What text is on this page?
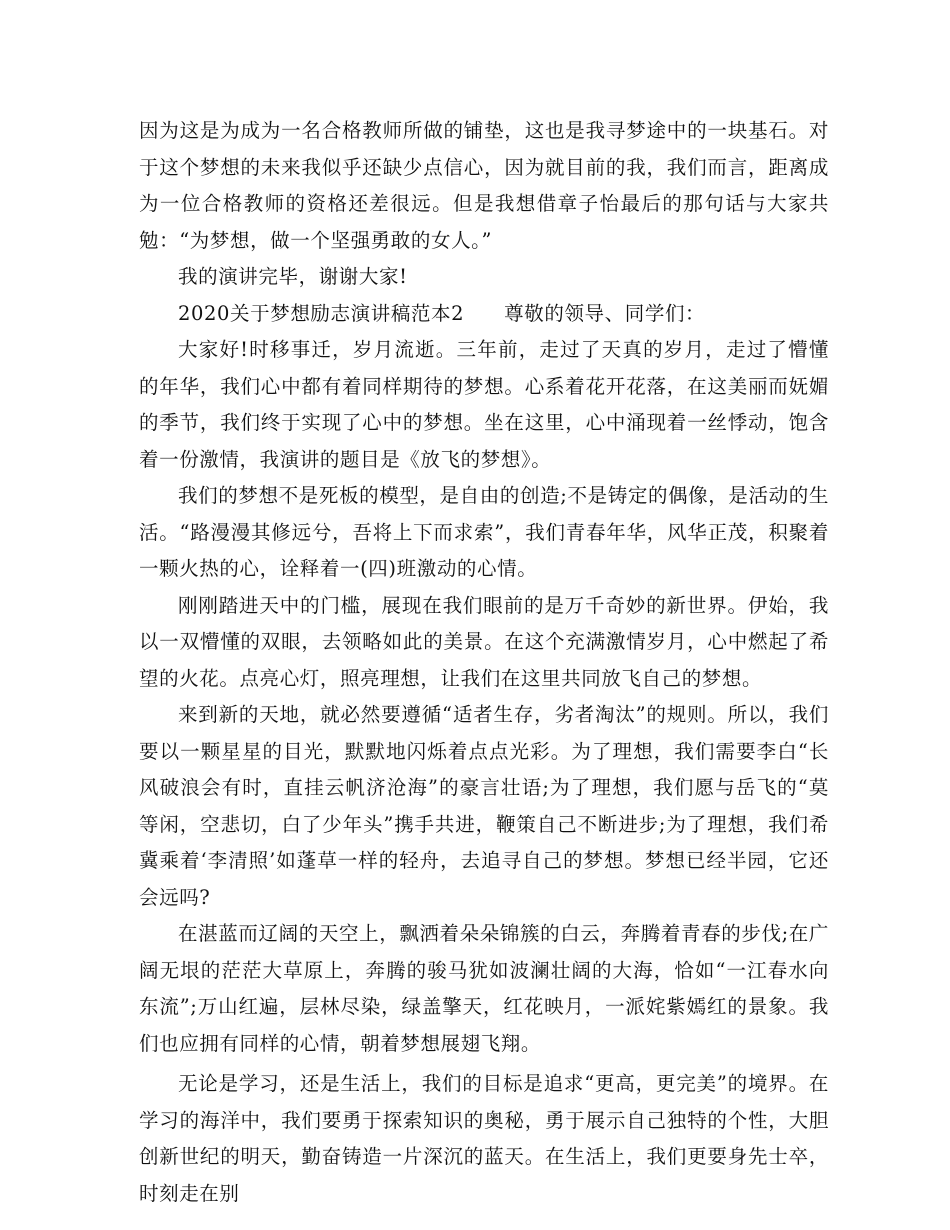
因为这是为成为一名合格教师所做的铺垫，这也是我寻梦途中的一块基石。对于这个梦想的未来我似乎还缺少点信心，因为就目前的我，我们而言，距离成为一位合格教师的资格还差很远。但是我想借章子怡最后的那句话与大家共勉：“为梦想，做一个坚强勇敢的女人。”

我的演讲完毕，谢谢大家!

2020关于梦想励志演讲稿范本2 尊敬的领导、同学们：

大家好!时移事迁，岁月流逝。三年前，走过了天真的岁月，走过了懵懂的年华，我们心中都有着同样期待的梦想。心系着花开花落，在这美丽而妩媚的季节，我们终于实现了心中的梦想。坐在这里，心中涌现着一丝悸动，饱含着一份激情，我演讲的题目是《放飞的梦想》。

我们的梦想不是死板的模型，是自由的创造;不是铸定的偶像，是活动的生活。“路漫漫其修远兮，吾将上下而求索”，我们青春年华，风华正茂，积聚着一颗火热的心，诠释着一(四)班激动的心情。

刚刚踏进天中的门槛，展现在我们眼前的是万千奇妙的新世界。伊始，我以一双懵懂的双眼，去领略如此的美景。在这个充满激情岁月，心中燃起了希望的火花。点亮心灯，照亮理想，让我们在这里共同放飞自己的梦想。

来到新的天地，就必然要遵循“适者生存，劣者淘汰”的规则。所以，我们要以一颗星星的目光，默默地闪烁着点点光彩。为了理想，我们需要李白“长风破浪会有时，直挂云帆济沧海”的豪言壮语;为了理想，我们愿与岳飞的“莫等闲，空悲切，白了少年头”携手共进，鞭策自己不断进步;为了理想，我们希冀乘着‘李清照’如蓬草一样的轻舟，去追寻自己的梦想。梦想已经半园，它还会远吗?

在湛蓝而辽阔的天空上，飘洒着朵朵锦簇的白云，奔腾着青春的步伐;在广阔无垠的茫茫大草原上，奔腾的骏马犹如波澜壮阔的大海，恰如“一江春水向东流”;万山红遍，层林尽染，绿盖擎天，红花映月，一派姹紫嫣红的景象。我们也应拥有同样的心情，朝着梦想展翅飞翔。

无论是学习，还是生活上，我们的目标是追求“更高，更完美”的境界。在学习的海洋中，我们要勇于探索知识的奥秘，勇于展示自己独特的个性，大胆创新世纪的明天，勤奋铸造一片深沉的蓝天。在生活上，我们更要身先士卒，时刻走在别
